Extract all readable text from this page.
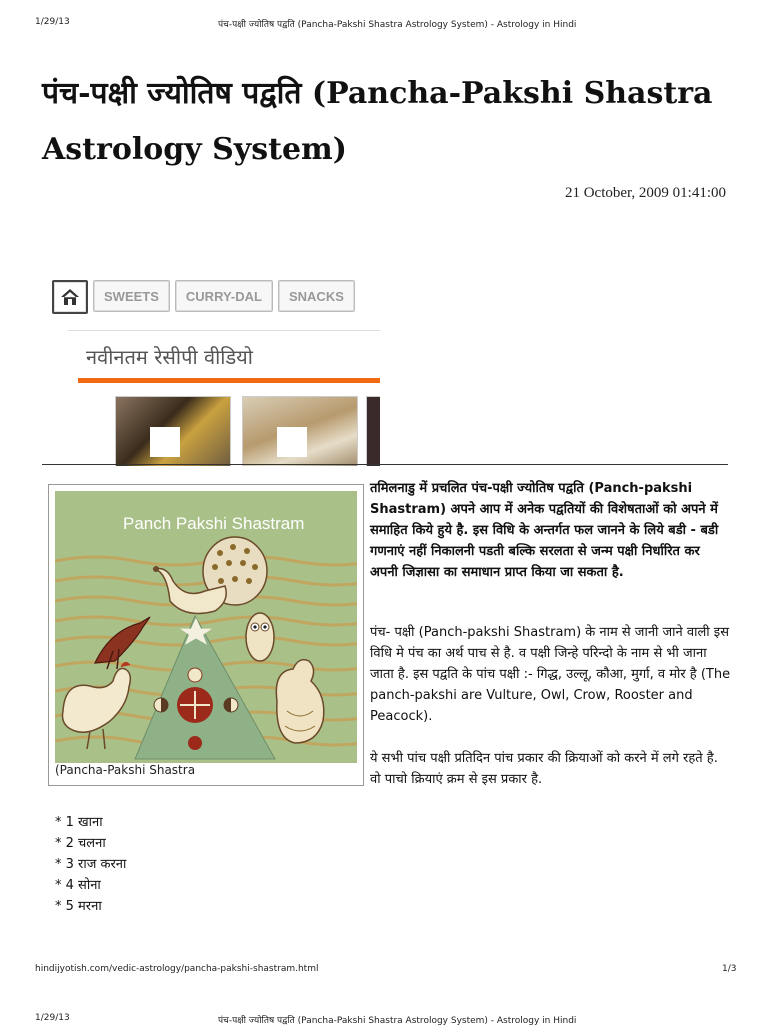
1/29/13	पंच-पक्षी ज्योतिष पद्वति (Pancha-Pakshi Shastra Astrology System) - Astrology in Hindi
पंच-पक्षी ज्योतिष पद्वति (Pancha-Pakshi Shastra Astrology System)
21 October, 2009 01:41:00
SWEETS	CURRY-DAL	SNACKS
नवीनतम रेसीपी वीडियो
Panch Pakshi Shastram
(Pancha-Pakshi Shastra
तमिलनाडु में प्रचलित पंच-पक्षी ज्योतिष पद्वति (Panch-pakshi Shastram) अपने आप में अनेक पद्वतियों की विशेषताओं को अपने में समाहित किये हुये है. इस विधि के अन्तर्गत फल जानने के लिये बडी - बडी गणनाएं नहीं निकालनी पडती बल्कि सरलता से जन्म पक्षी निर्धारित कर अपनी जिज्ञासा का समाधान प्राप्त किया जा सकता है.
पंच- पक्षी (Panch-pakshi Shastram) के नाम से जानी जाने वाली इस विधि मे पंच का अर्थ पाच से है. व पक्षी जिन्हे परिन्दो के नाम से भी जाना जाता है. इस पद्वति के पांच पक्षी :- गिद्ध, उल्लू, कौआ, मुर्गा, व मोर है (The panch-pakshi are Vulture, Owl, Crow, Rooster and Peacock).
ये सभी पांच पक्षी प्रतिदिन पांच प्रकार की क्रियाओं को करने में लगे रहते है. वो पाचो क्रियाएं क्रम से इस प्रकार है.
* 1 खाना
* 2 चलना
* 3 राज करना
* 4 सोना
* 5 मरना
hindijyotish.com/vedic-astrology/pancha-pakshi-shastram.html	1/3
1/29/13	पंच-पक्षी ज्योतिष पद्वति (Pancha-Pakshi Shastra Astrology System) - Astrology in Hindi
